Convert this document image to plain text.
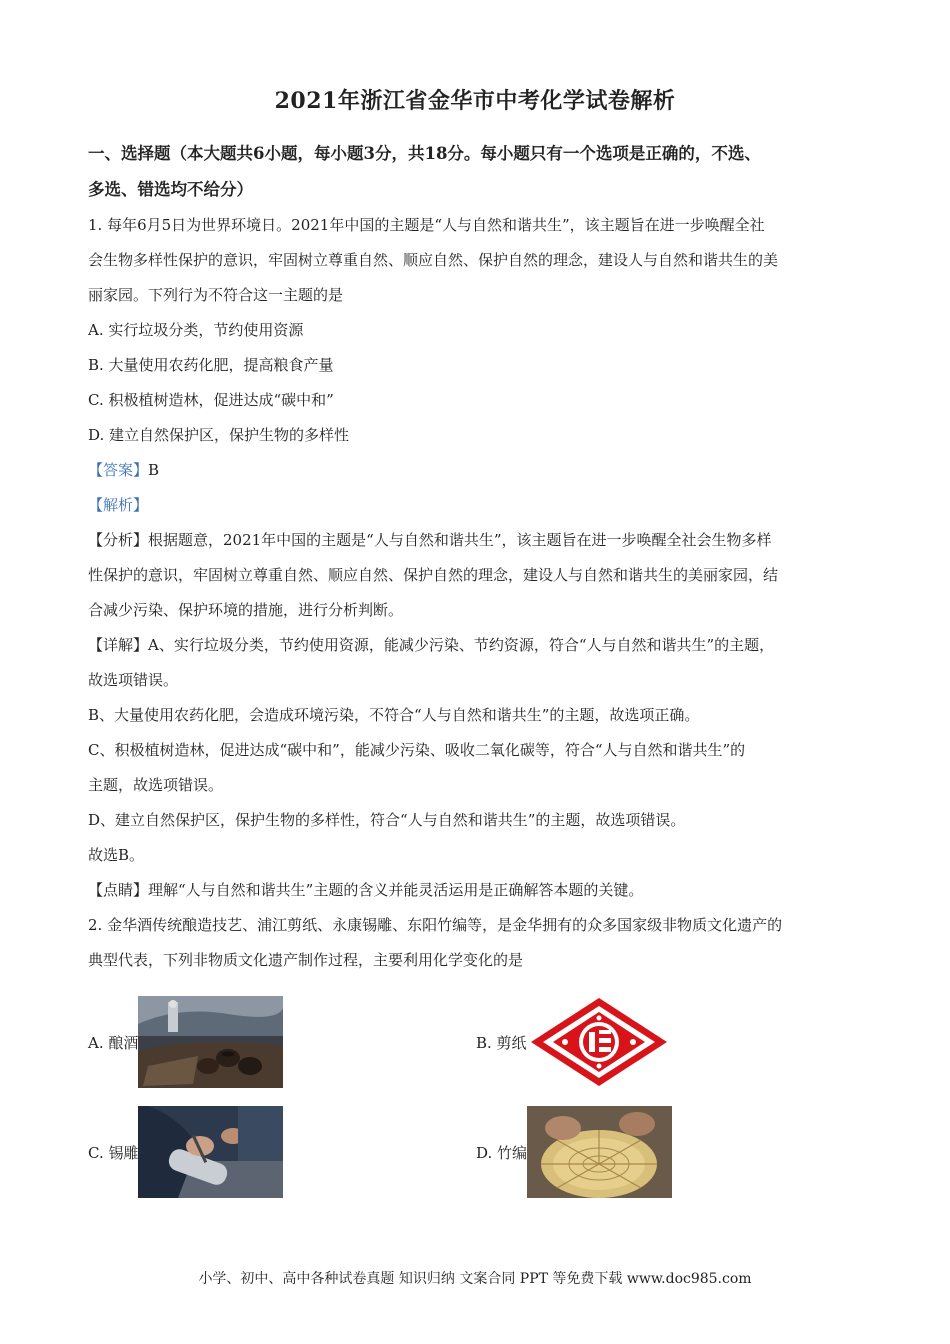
2021年浙江省金华市中考化学试卷解析
一、选择题（本大题共6小题，每小题3分，共18分。每小题只有一个选项是正确的，不选、
多选、错选均不给分）
1. 每年6月5日为世界环境日。2021年中国的主题是“人与自然和谐共生”，该主题旨在进一步唤醒全社
会生物多样性保护的意识，牢固树立尊重自然、顺应自然、保护自然的理念，建设人与自然和谐共生的美
丽家园。下列行为不符合这一主题的是
A. 实行垃圾分类，节约使用资源
B. 大量使用农药化肥，提高粮食产量
C. 积极植树造林，促进达成“碳中和”
D. 建立自然保护区，保护生物的多样性
【答案】B
【解析】
【分析】根据题意，2021年中国的主题是“人与自然和谐共生”，该主题旨在进一步唤醒全社会生物多样
性保护的意识，牢固树立尊重自然、顺应自然、保护自然的理念，建设人与自然和谐共生的美丽家园，结
合减少污染、保护环境的措施，进行分析判断。
【详解】A、实行垃圾分类，节约使用资源，能减少污染、节约资源，符合“人与自然和谐共生”的主题，
故选项错误。
B、大量使用农药化肥，会造成环境污染，不符合“人与自然和谐共生”的主题，故选项正确。
C、积极植树造林，促进达成“碳中和”，能减少污染、吸收二氧化碳等，符合“人与自然和谐共生”的
主题，故选项错误。
D、建立自然保护区，保护生物的多样性，符合“人与自然和谐共生”的主题，故选项错误。
故选B。
【点睛】理解“人与自然和谐共生”主题的含义并能灵活运用是正确解答本题的关键。
2. 金华酒传统酿造技艺、浦江剪纸、永康锡雕、东阳竹编等，是金华拥有的众多国家级非物质文化遗产的
典型代表，下列非物质文化遗产制作过程，主要利用化学变化的是
A. 酿酒	B. 剪纸
C. 锡雕	D. 竹编
小学、初中、高中各种试卷真题 知识归纳 文案合同 PPT 等免费下载 www.doc985.com
